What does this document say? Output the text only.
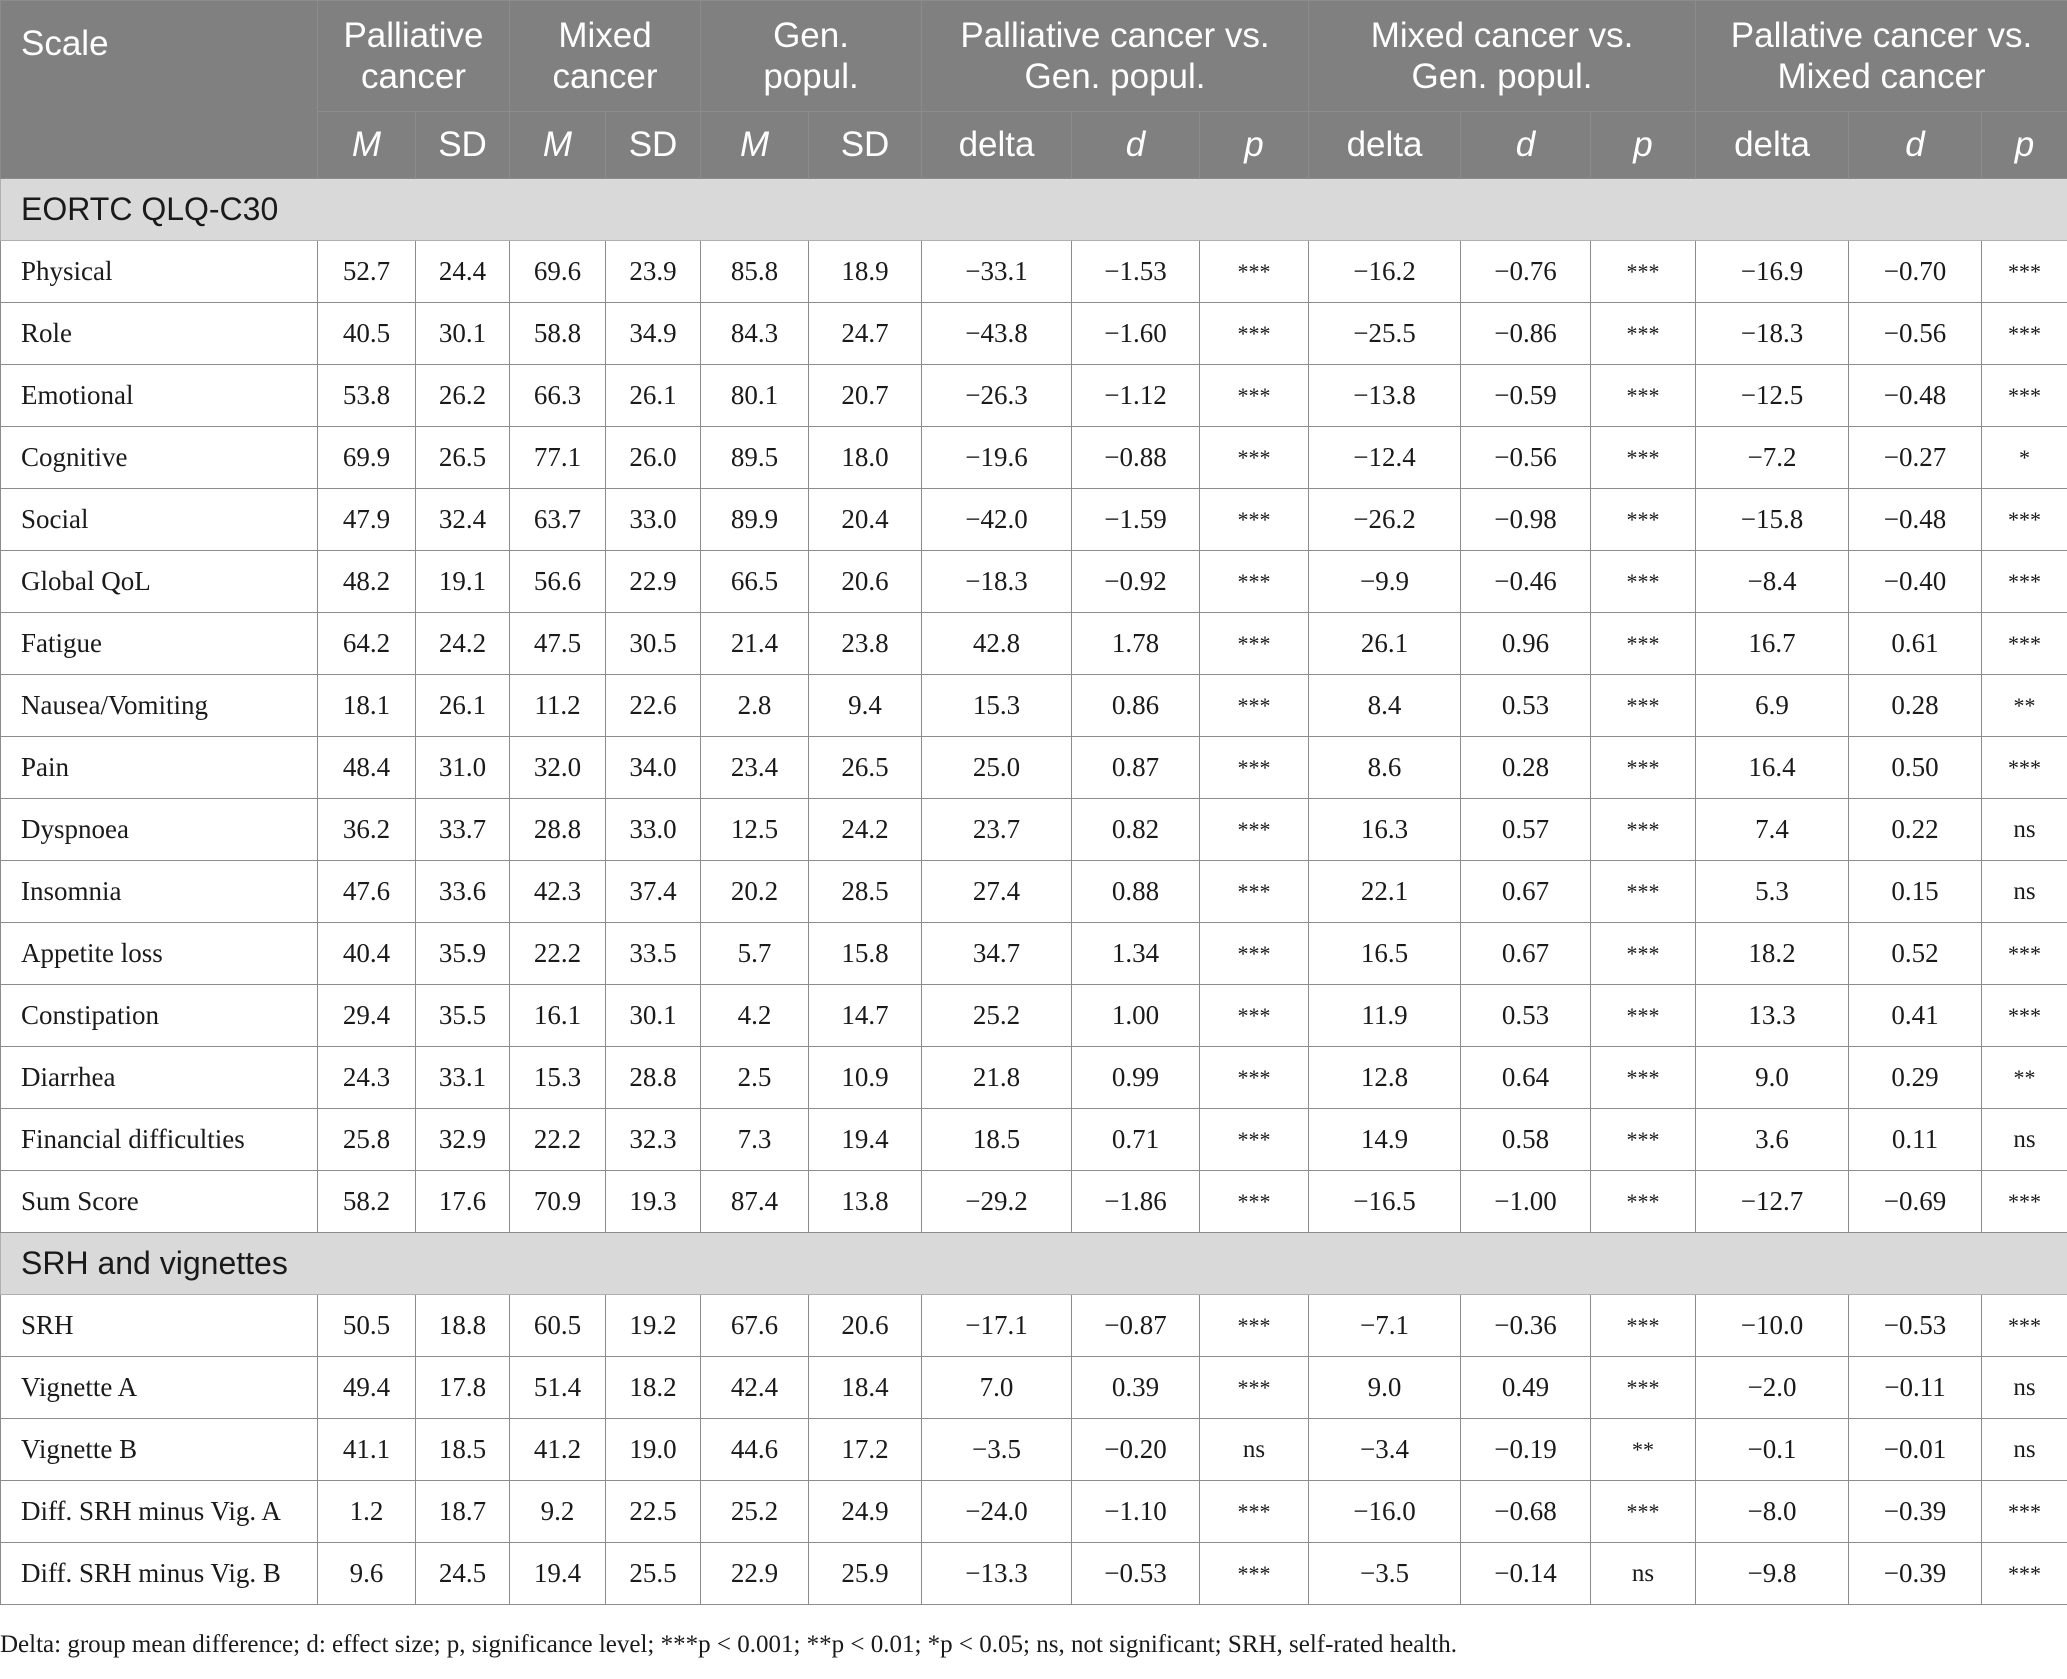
Scale	Palliative cancer		Mixed cancer		Gen. popul.		Palliative cancer vs. Gen. popul.			Mixed cancer vs. Gen. popul.			Pallative cancer vs. Mixed cancer		
	M	SD	M	SD	M	SD	delta	d	p	delta	d	p	delta	d	p
EORTC QLQ-C30															
Physical	52.7	24.4	69.6	23.9	85.8	18.9	−33.1	−1.53	***	−16.2	−0.76	***	−16.9	−0.70	***
Role	40.5	30.1	58.8	34.9	84.3	24.7	−43.8	−1.60	***	−25.5	−0.86	***	−18.3	−0.56	***
Emotional	53.8	26.2	66.3	26.1	80.1	20.7	−26.3	−1.12	***	−13.8	−0.59	***	−12.5	−0.48	***
Cognitive	69.9	26.5	77.1	26.0	89.5	18.0	−19.6	−0.88	***	−12.4	−0.56	***	−7.2	−0.27	*
Social	47.9	32.4	63.7	33.0	89.9	20.4	−42.0	−1.59	***	−26.2	−0.98	***	−15.8	−0.48	***
Global QoL	48.2	19.1	56.6	22.9	66.5	20.6	−18.3	−0.92	***	−9.9	−0.46	***	−8.4	−0.40	***
Fatigue	64.2	24.2	47.5	30.5	21.4	23.8	42.8	1.78	***	26.1	0.96	***	16.7	0.61	***
Nausea/Vomiting	18.1	26.1	11.2	22.6	2.8	9.4	15.3	0.86	***	8.4	0.53	***	6.9	0.28	**
Pain	48.4	31.0	32.0	34.0	23.4	26.5	25.0	0.87	***	8.6	0.28	***	16.4	0.50	***
Dyspnoea	36.2	33.7	28.8	33.0	12.5	24.2	23.7	0.82	***	16.3	0.57	***	7.4	0.22	ns
Insomnia	47.6	33.6	42.3	37.4	20.2	28.5	27.4	0.88	***	22.1	0.67	***	5.3	0.15	ns
Appetite loss	40.4	35.9	22.2	33.5	5.7	15.8	34.7	1.34	***	16.5	0.67	***	18.2	0.52	***
Constipation	29.4	35.5	16.1	30.1	4.2	14.7	25.2	1.00	***	11.9	0.53	***	13.3	0.41	***
Diarrhea	24.3	33.1	15.3	28.8	2.5	10.9	21.8	0.99	***	12.8	0.64	***	9.0	0.29	**
Financial difficulties	25.8	32.9	22.2	32.3	7.3	19.4	18.5	0.71	***	14.9	0.58	***	3.6	0.11	ns
Sum Score	58.2	17.6	70.9	19.3	87.4	13.8	−29.2	−1.86	***	−16.5	−1.00	***	−12.7	−0.69	***
SRH and vignettes															
SRH	50.5	18.8	60.5	19.2	67.6	20.6	−17.1	−0.87	***	−7.1	−0.36	***	−10.0	−0.53	***
Vignette A	49.4	17.8	51.4	18.2	42.4	18.4	7.0	0.39	***	9.0	0.49	***	−2.0	−0.11	ns
Vignette B	41.1	18.5	41.2	19.0	44.6	17.2	−3.5	−0.20	ns	−3.4	−0.19	**	−0.1	−0.01	ns
Diff. SRH minus Vig. A	1.2	18.7	9.2	22.5	25.2	24.9	−24.0	−1.10	***	−16.0	−0.68	***	−8.0	−0.39	***
Diff. SRH minus Vig. B	9.6	24.5	19.4	25.5	22.9	25.9	−13.3	−0.53	***	−3.5	−0.14	ns	−9.8	−0.39	***
Delta: group mean difference; d: effect size; p, significance level; ***p < 0.001; **p < 0.01; *p < 0.05; ns, not significant; SRH, self-rated health.
